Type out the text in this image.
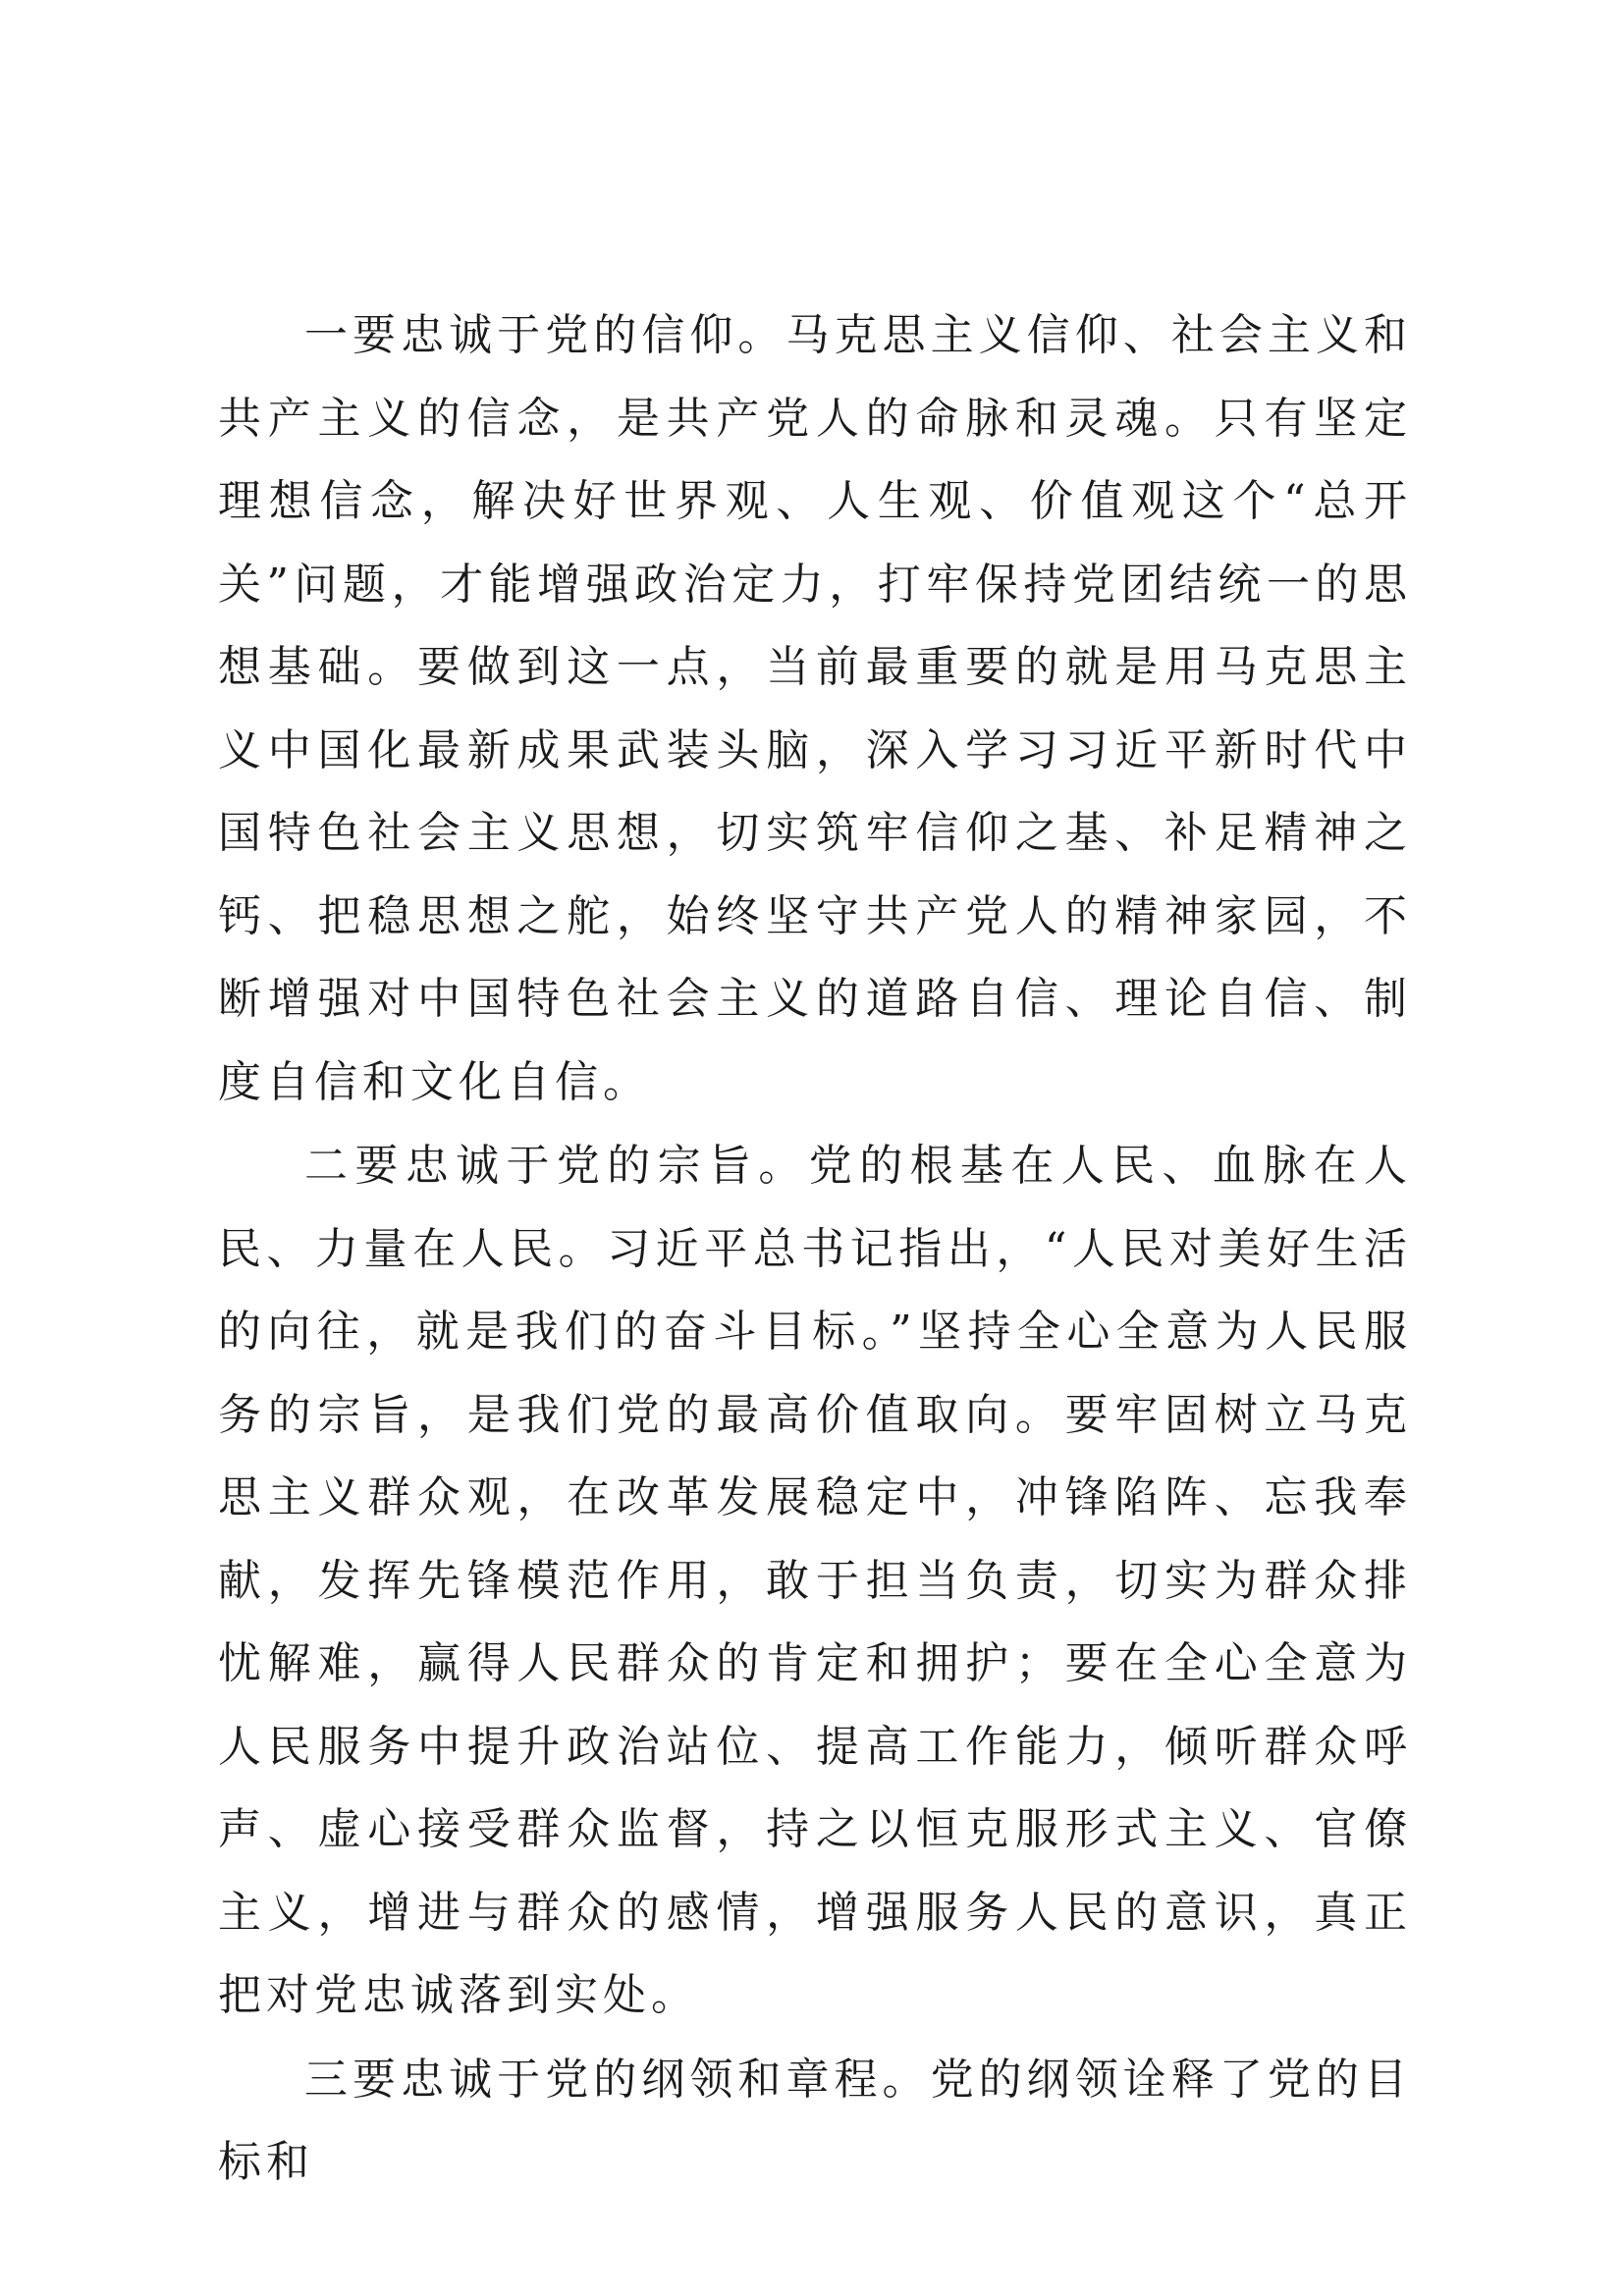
一要忠诚于党的信仰。马克思主义信仰、社会主义和共产主义的信念，是共产党人的命脉和灵魂。只有坚定理想信念，解决好世界观、人生观、价值观这个“总开关”问题，才能增强政治定力，打牢保持党团结统一的思想基础。要做到这一点，当前最重要的就是用马克思主义中国化最新成果武装头脑，深入学习习近平新时代中国特色社会主义思想，切实筑牢信仰之基、补足精神之钙、把稳思想之舵，始终坚守共产党人的精神家园，不断增强对中国特色社会主义的道路自信、理论自信、制度自信和文化自信。

二要忠诚于党的宗旨。党的根基在人民、血脉在人民、力量在人民。习近平总书记指出，“人民对美好生活的向往，就是我们的奋斗目标。”坚持全心全意为人民服务的宗旨，是我们党的最高价值取向。要牢固树立马克思主义群众观，在改革发展稳定中，冲锋陷阵、忘我奉献，发挥先锋模范作用，敢于担当负责，切实为群众排忧解难，赢得人民群众的肯定和拥护；要在全心全意为人民服务中提升政治站位、提高工作能力，倾听群众呼声、虚心接受群众监督，持之以恒克服形式主义、官僚主义，增进与群众的感情，增强服务人民的意识，真正把对党忠诚落到实处。

三要忠诚于党的纲领和章程。党的纲领诠释了党的目标和
